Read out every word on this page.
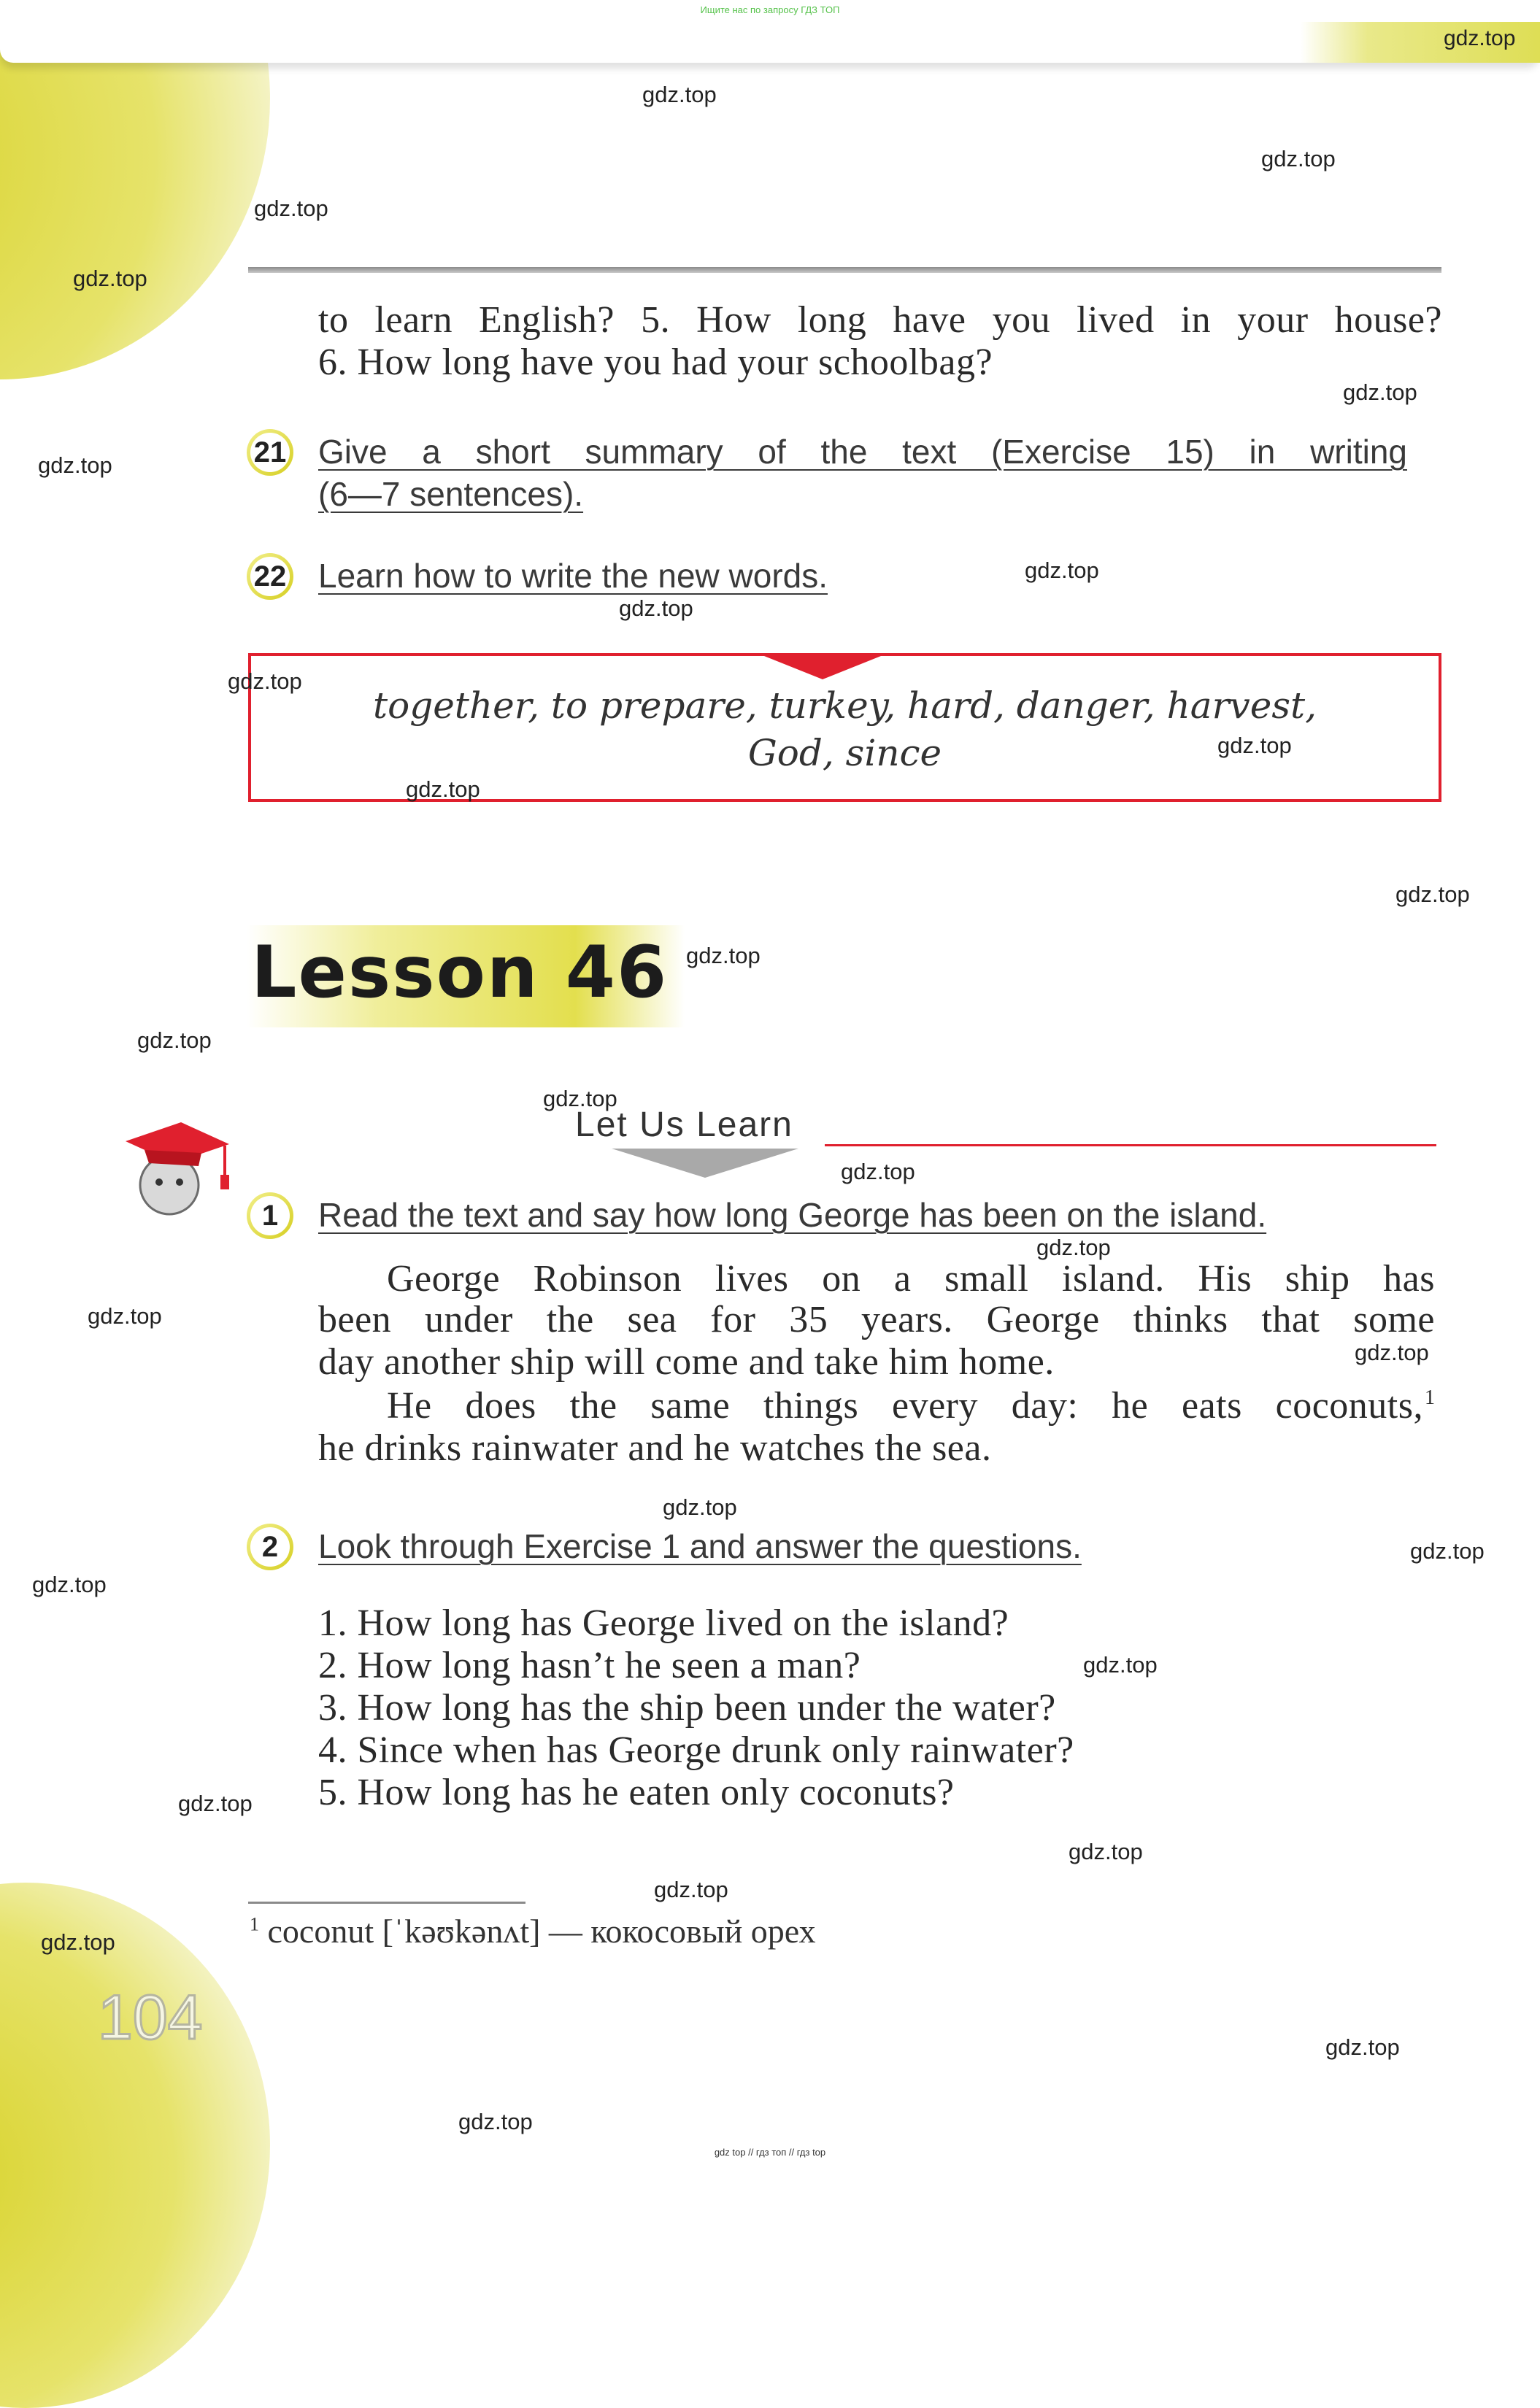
Ищите нас по запросу ГДЗ ТОП
gdz.top
to learn English? 5. How long have you lived in your house?
6. How long have you had your schoolbag?
21 Give a short summary of the text (Exercise 15) in writing
(6—7 sentences).
22 Learn how to write the new words.
together, to prepare, turkey, hard, danger, harvest,
God, since
Lesson 46
Let Us Learn
1	Read the text and say how long George has been on the island.
George Robinson lives on a small island. His ship has
been under the sea for 35 years. George thinks that some
day another ship will come and take him home.
He does the same things every day: he eats coconuts, 1
he drinks rainwater and he watches the sea.
2	Look through Exercise 1 and answer the questions.
1. How long has George lived on the island?
2. How long hasn’t he seen a man?
3. How long has the ship been under the water?
4. Since when has George drunk only rainwater?
5. How long has he eaten only coconuts?
$^1$ coconut [ˈkəʊkənʌt] — кокосовый орех
104
gdz.top
gdz.top
gdz.top
gdz.top
gdz.top
gdz.top
gdz.top
gdz.top
gdz.top
gdz.top
gdz.top
gdz.top
gdz.top
gdz.top
gdz.top
gdz.top
gdz.top
gdz.top
gdz.top
gdz.top
gdz.top
gdz.top
gdz.top
gdz.top
gdz.top
gdz.top
gdz.top
gdz.top
gdz.top
gdz top // гдз топ // гдз top
